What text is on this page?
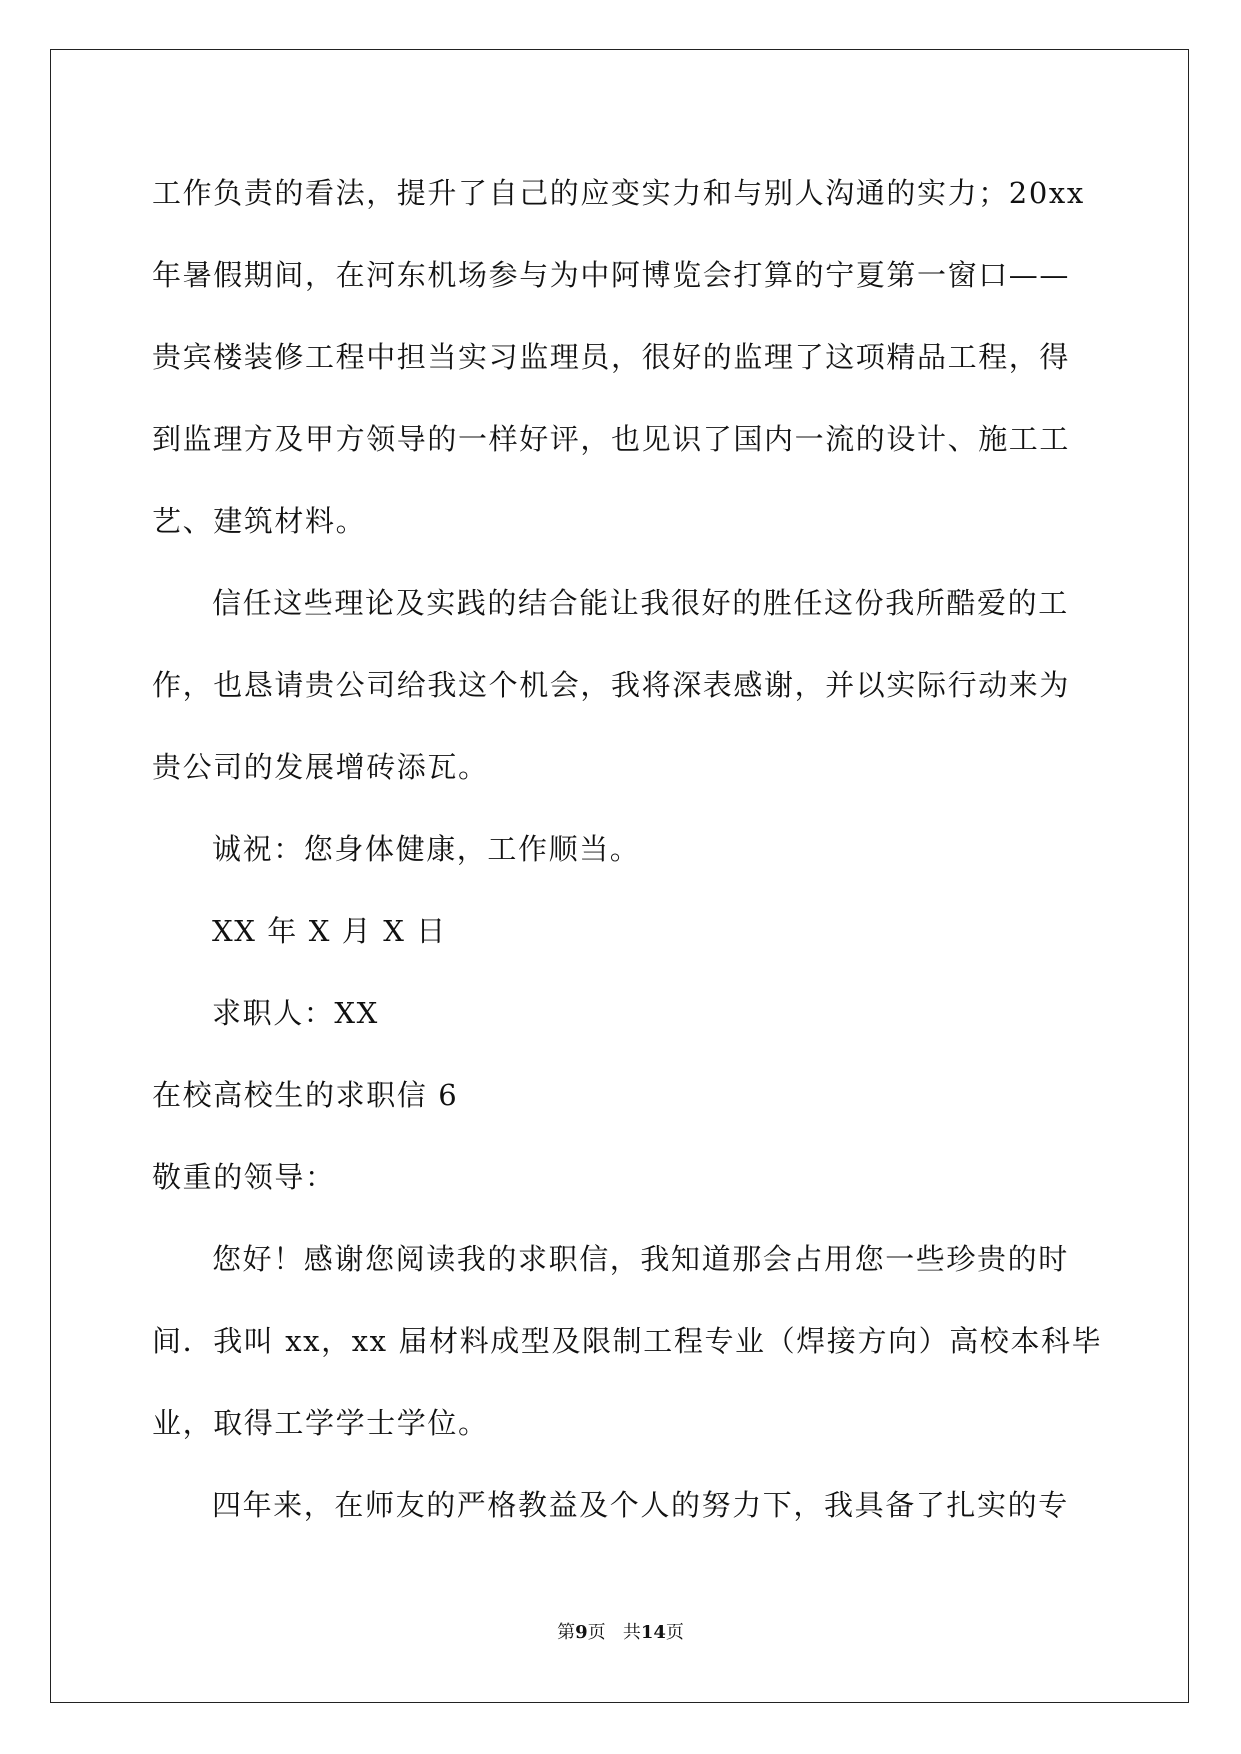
工作负责的看法，提升了自己的应变实力和与别人沟通的实力；20xx
年暑假期间，在河东机场参与为中阿博览会打算的宁夏第一窗口——
贵宾楼装修工程中担当实习监理员，很好的监理了这项精品工程，得
到监理方及甲方领导的一样好评，也见识了国内一流的设计、施工工
艺、建筑材料。
信任这些理论及实践的结合能让我很好的胜任这份我所酷爱的工
作，也恳请贵公司给我这个机会，我将深表感谢，并以实际行动来为
贵公司的发展增砖添瓦。
诚祝：您身体健康，工作顺当。
XX 年 X 月 X 日
求职人：XX
在校高校生的求职信 6
敬重的领导：
您好！感谢您阅读我的求职信，我知道那会占用您一些珍贵的时
间．我叫 xx，xx 届材料成型及限制工程专业（焊接方向）高校本科毕
业，取得工学学士学位。
四年来，在师友的严格教益及个人的努力下，我具备了扎实的专
第9页 共14页
